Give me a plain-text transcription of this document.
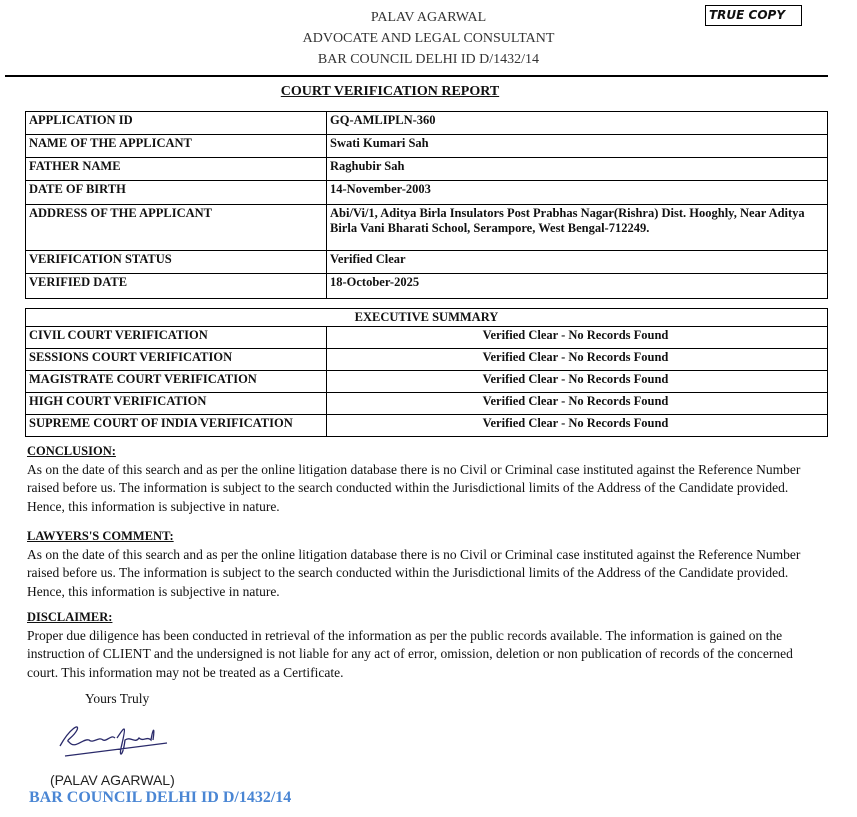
PALAV AGARWAL
ADVOCATE AND LEGAL CONSULTANT
BAR COUNCIL DELHI ID D/1432/14
TRUE COPY
COURT VERIFICATION REPORT
APPLICATION ID	GQ-AMLIPLN-360
NAME OF THE APPLICANT	Swati Kumari Sah
FATHER NAME	Raghubir Sah
DATE OF BIRTH	14-November-2003
ADDRESS OF THE APPLICANT	Abi/Vi/1, Aditya Birla Insulators Post Prabhas Nagar(Rishra) Dist. Hooghly, Near Aditya Birla Vani Bharati School, Serampore, West Bengal-712249.
VERIFICATION STATUS	Verified Clear
VERIFIED DATE	18-October-2025
EXECUTIVE SUMMARY	
CIVIL COURT VERIFICATION	Verified Clear - No Records Found
SESSIONS COURT VERIFICATION	Verified Clear - No Records Found
MAGISTRATE COURT VERIFICATION	Verified Clear - No Records Found
HIGH COURT VERIFICATION	Verified Clear - No Records Found
SUPREME COURT OF INDIA VERIFICATION	Verified Clear - No Records Found
CONCLUSION:

As on the date of this search and as per the online litigation database there is no Civil or Criminal case instituted against the Reference Number raised before us. The information is subject to the search conducted within the Jurisdictional limits of the Address of the Candidate provided. Hence, this information is subjective in nature.

LAWYERS'S COMMENT:

As on the date of this search and as per the online litigation database there is no Civil or Criminal case instituted against the Reference Number raised before us. The information is subject to the search conducted within the Jurisdictional limits of the Address of the Candidate provided. Hence, this information is subjective in nature.

DISCLAIMER:

Proper due diligence has been conducted in retrieval of the information as per the public records available. The information is gained on the instruction of CLIENT and the undersigned is not liable for any act of error, omission, deletion or non publication of records of the concerned court. This information may not be treated as a Certificate.

Yours Truly
(PALAV AGARWAL)
BAR COUNCIL DELHI ID D/1432/14
